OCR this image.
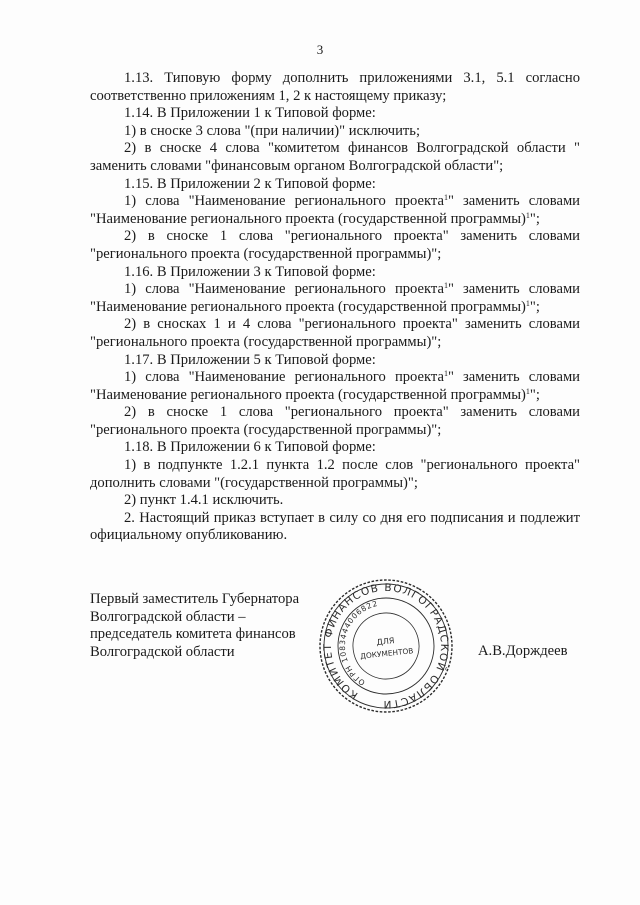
3

1.13. Типовую форму дополнить приложениями 3.1, 5.1 согласно соответственно приложениям 1, 2 к настоящему приказу;

1.14. В Приложении 1 к Типовой форме:

1) в сноске 3 слова "(при наличии)" исключить;

2) в сноске 4 слова "комитетом финансов Волгоградской области " заменить словами "финансовым органом Волгоградской области";

1.15. В Приложении 2 к Типовой форме:

1) слова "Наименование регионального проекта$^1$" заменить словами "Наименование регионального проекта (государственной программы)$^1$";

2) в сноске 1 слова "регионального проекта" заменить словами "регионального проекта (государственной программы)";

1.16. В Приложении 3 к Типовой форме:

1) слова "Наименование регионального проекта$^1$" заменить словами "Наименование регионального проекта (государственной программы)$^1$";

2) в сносках 1 и 4 слова "регионального проекта" заменить словами "регионального проекта (государственной программы)";

1.17. В Приложении 5 к Типовой форме:

1) слова "Наименование регионального проекта$^1$" заменить словами "Наименование регионального проекта (государственной программы)$^1$";

2) в сноске 1 слова "регионального проекта" заменить словами "регионального проекта (государственной программы)";

1.18. В Приложении 6 к Типовой форме:

1) в подпункте 1.2.1 пункта 1.2 после слов "регионального проекта" дополнить словами "(государственной программы)";

2) пункт 1.4.1 исключить.

2. Настоящий приказ вступает в силу со дня его подписания и подлежит официальному опубликованию.

Первый заместитель Губернатора
Волгоградской области –
председатель комитета финансов
Волгоградской области
КОМИТЕТ ФИНАНСОВ ВОЛГОГРАДСКОЙ ОБЛАСТИ
ОГРН 1083444006822
ДЛЯ
ДОКУМЕНТОВ	А.В.Дорждеев
